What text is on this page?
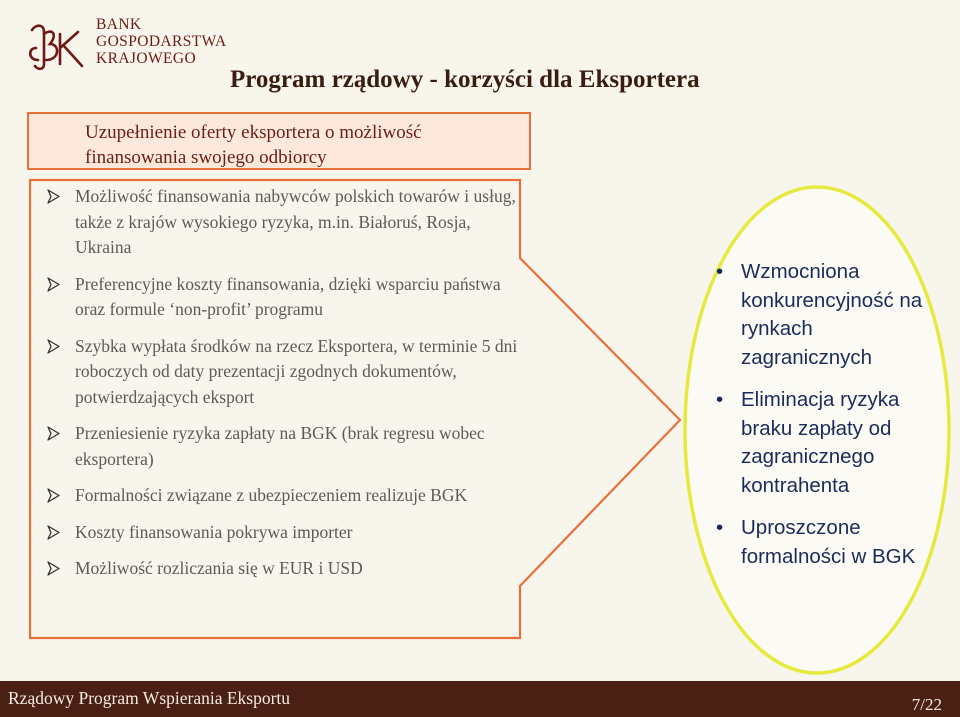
BANK
GOSPODARSTWA
KRAJOWEGO
Program rządowy - korzyści dla Eksportera
Uzupełnienie oferty eksportera o możliwość finansowania swojego odbiorcy
Możliwość finansowania nabywców polskich towarów i usług, także z krajów wysokiego ryzyka, m.in. Białoruś, Rosja, Ukraina
Preferencyjne koszty finansowania, dzięki wsparciu państwa oraz formule ‘non-profit’ programu
Szybka wypłata środków na rzecz Eksportera, w terminie 5 dni roboczych od daty prezentacji zgodnych dokumentów, potwierdzających eksport
Przeniesienie ryzyka zapłaty na BGK (brak regresu wobec eksportera)
Formalności związane z ubezpieczeniem realizuje BGK
Koszty finansowania pokrywa importer
Możliwość rozliczania się w EUR i USD
• Wzmocniona konkurencyjność na rynkach zagranicznych
• Eliminacja ryzyka braku zapłaty od zagranicznego kontrahenta
• Uproszczone formalności w BGK
Rządowy Program Wspierania Eksportu	7/22
